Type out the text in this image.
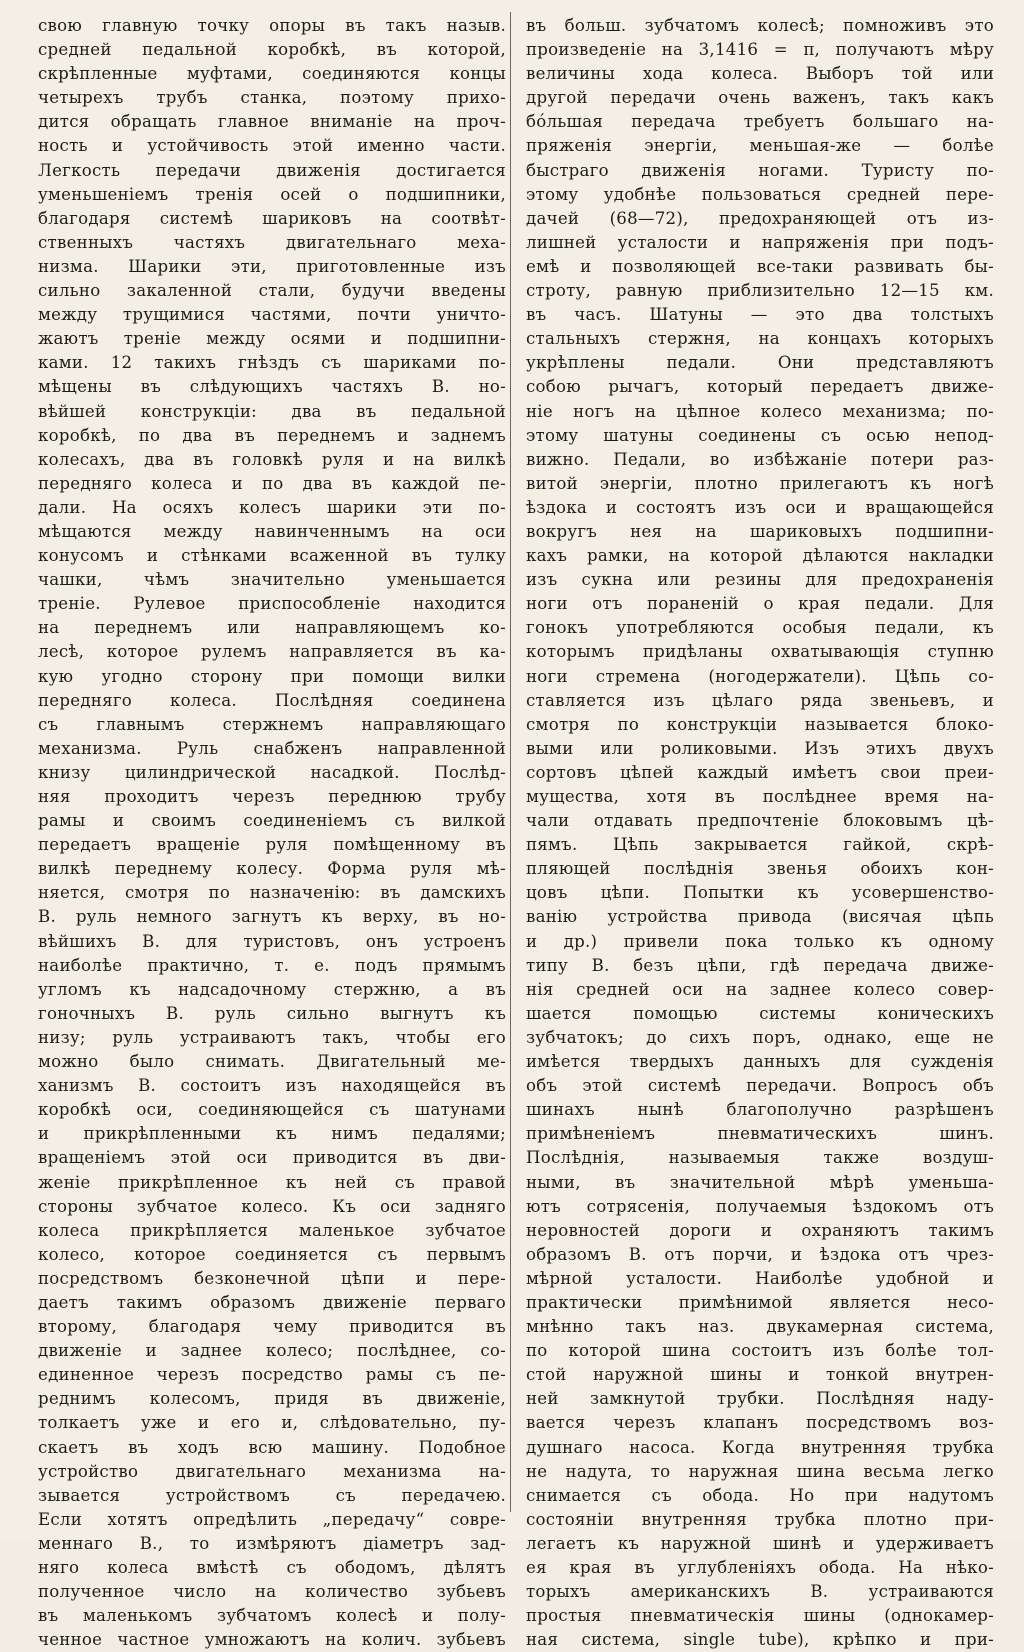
свою главную точку опоры въ такъ назыв.
средней педальной коробкѣ, въ которой,
скрѣпленные муфтами, соединяются концы
четырехъ трубъ станка, поэтому прихо-
дится обращать главное вниманіе на проч-
ность и устойчивость этой именно части.
Легкость передачи движенія достигается
уменьшеніемъ тренія осей о подшипники,
благодаря системѣ шариковъ на соотвѣт-
ственныхъ частяхъ двигательнаго меха-
низма. Шарики эти, приготовленные изъ
сильно закаленной стали, будучи введены
между трущимися частями, почти уничто-
жаютъ треніе между осями и подшипни-
ками. 12 такихъ гнѣздъ съ шариками по-
мѣщены въ слѣдующихъ частяхъ В. но-
вѣйшей конструкціи: два въ педальной
коробкѣ, по два въ переднемъ и заднемъ
колесахъ, два въ головкѣ руля и на вилкѣ
передняго колеса и по два въ каждой пе-
дали. На осяхъ колесъ шарики эти по-
мѣщаются между навинченнымъ на оси
конусомъ и стѣнками всаженной въ тулку
чашки, чѣмъ значительно уменьшается
треніе. Рулевое приспособленіе находится
на переднемъ или направляющемъ ко-
лесѣ, которое рулемъ направляется въ ка-
кую угодно сторону при помощи вилки
передняго колеса. Послѣдняя соединена
съ главнымъ стержнемъ направляющаго
механизма. Руль снабженъ направленной
книзу цилиндрической насадкой. Послѣд-
няя проходитъ черезъ переднюю трубу
рамы и своимъ соединеніемъ съ вилкой
передаетъ вращеніе руля помѣщенному въ
вилкѣ переднему колесу. Форма руля мѣ-
няется, смотря по назначенію: въ дамскихъ
В. руль немного загнутъ къ верху, въ но-
вѣйшихъ В. для туристовъ, онъ устроенъ
наиболѣе практично, т. е. подъ прямымъ
угломъ къ надсадочному стержню, а въ
гоночныхъ В. руль сильно выгнутъ къ
низу; руль устраиваютъ такъ, чтобы его
можно было снимать. Двигательный ме-
ханизмъ В. состоитъ изъ находящейся въ
коробкѣ оси, соединяющейся съ шатунами
и прикрѣпленными къ нимъ педалями;
вращеніемъ этой оси приводится въ дви-
женіе прикрѣпленное къ ней съ правой
стороны зубчатое колесо. Къ оси задняго
колеса прикрѣпляется маленькое зубчатое
колесо, которое соединяется съ первымъ
посредствомъ безконечной цѣпи и пере-
даетъ такимъ образомъ движеніе перваго
второму, благодаря чему приводится въ
движеніе и заднее колесо; послѣднее, со-
единенное черезъ посредство рамы съ пе-
реднимъ колесомъ, придя въ движеніе,
толкаетъ уже и его и, слѣдовательно, пу-
скаетъ въ ходъ всю машину. Подобное
устройство двигательнаго механизма на-
зывается устройствомъ съ передачею.
Если хотятъ опредѣлить „передачу“ совре-
меннаго В., то измѣряютъ діаметръ зад-
няго колеса вмѣстѣ съ ободомъ, дѣлятъ
полученное число на количество зубьевъ
въ маленькомъ зубчатомъ колесѣ и полу-
ченное частное умножаютъ на колич. зубьевъ
въ больш. зубчатомъ колесѣ; помноживъ это
произведеніе на 3,1416 = π, получаютъ мѣру
величины хода колеса. Выборъ той или
другой передачи очень важенъ, такъ какъ
бóльшая передача требуетъ большаго на-
пряженія энергіи, меньшая-же — болѣе
быстраго движенія ногами. Туристу по-
этому удобнѣе пользоваться средней пере-
дачей (68—72), предохраняющей отъ из-
лишней усталости и напряженія при подъ-
емѣ и позволяющей все-таки развивать бы-
строту, равную приблизительно 12—15 км.
въ часъ. Шатуны — это два толстыхъ
стальныхъ стержня, на концахъ которыхъ
укрѣплены педали. Они представляютъ
собою рычагъ, который передаетъ движе-
ніе ногъ на цѣпное колесо механизма; по-
этому шатуны соединены съ осью непод-
вижно. Педали, во избѣжаніе потери раз-
витой энергіи, плотно прилегаютъ къ ногѣ
ѣздока и состоятъ изъ оси и вращающейся
вокругъ нея на шариковыхъ подшипни-
кахъ рамки, на которой дѣлаются накладки
изъ сукна или резины для предохраненія
ноги отъ пораненій о края педали. Для
гонокъ употребляются особыя педали, къ
которымъ придѣланы охватывающія ступню
ноги стремена (ногодержатели). Цѣпь со-
ставляется изъ цѣлаго ряда звеньевъ, и
смотря по конструкціи называется блоко-
выми или роликовыми. Изъ этихъ двухъ
сортовъ цѣпей каждый имѣетъ свои преи-
мущества, хотя въ послѣднее время на-
чали отдавать предпочтеніе блоковымъ цѣ-
пямъ. Цѣпь закрывается гайкой, скрѣ-
пляющей послѣднія звенья обоихъ кон-
цовъ цѣпи. Попытки къ усовершенство-
ванію устройства привода (висячая цѣпь
и др.) привели пока только къ одному
типу В. безъ цѣпи, гдѣ передача движе-
нія средней оси на заднее колесо совер-
шается помощью системы коническихъ
зубчатокъ; до сихъ поръ, однако, еще не
имѣется твердыхъ данныхъ для сужденія
объ этой системѣ передачи. Вопросъ объ
шинахъ нынѣ благополучно разрѣшенъ
примѣненіемъ пневматическихъ шинъ.
Послѣднія, называемыя также воздуш-
ными, въ значительной мѣрѣ уменьша-
ютъ сотрясенія, получаемыя ѣздокомъ отъ
неровностей дороги и охраняютъ такимъ
образомъ В. отъ порчи, и ѣздока отъ чрез-
мѣрной усталости. Наиболѣе удобной и
практически примѣнимой является несо-
мнѣнно такъ наз. двукамерная система,
по которой шина состоитъ изъ болѣе тол-
стой наружной шины и тонкой внутрен-
ней замкнутой трубки. Послѣдняя наду-
вается черезъ клапанъ посредствомъ воз-
душнаго насоса. Когда внутренняя трубка
не надута, то наружная шина весьма легко
снимается съ обода. Но при надутомъ
состояніи внутренняя трубка плотно при-
легаетъ къ наружной шинѣ и удерживаетъ
ея края въ углубленіяхъ обода. На нѣко-
торыхъ американскихъ В. устраиваются
простыя пневматическія шины (однокамер-
ная система, single tube), крѣпко и при-
